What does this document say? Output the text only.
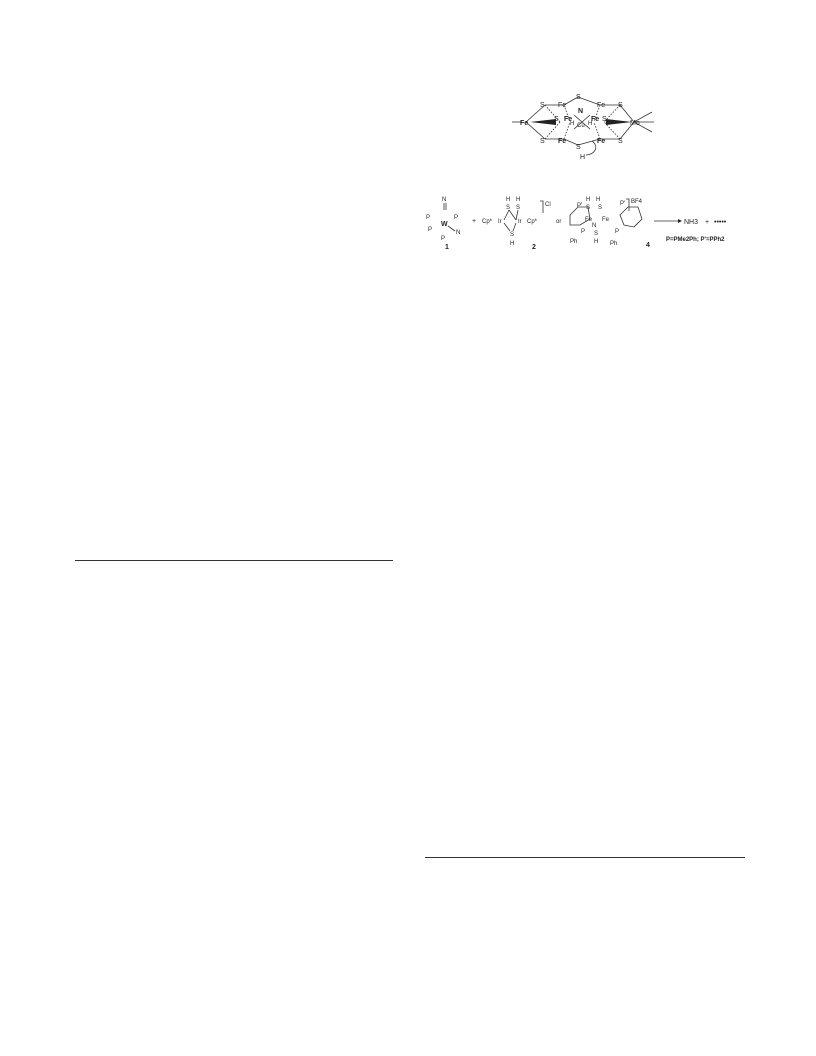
S Fe
S
Fe S
Fe
S Fe
N
Fe S
Mo
H Cu H
S Fe
S
Fe S
H
N
W
P	P
P
P
N
1
+ Cp* Ir	Ir Cp*
H H
S S
S
H
Cl
2
or
P'
H H
S S
P'
Fe Fe
N
P S
H
P
Ph	Ph
BF4
4
NH3 + •••••
P=PMe2Ph; P'=PPh2
